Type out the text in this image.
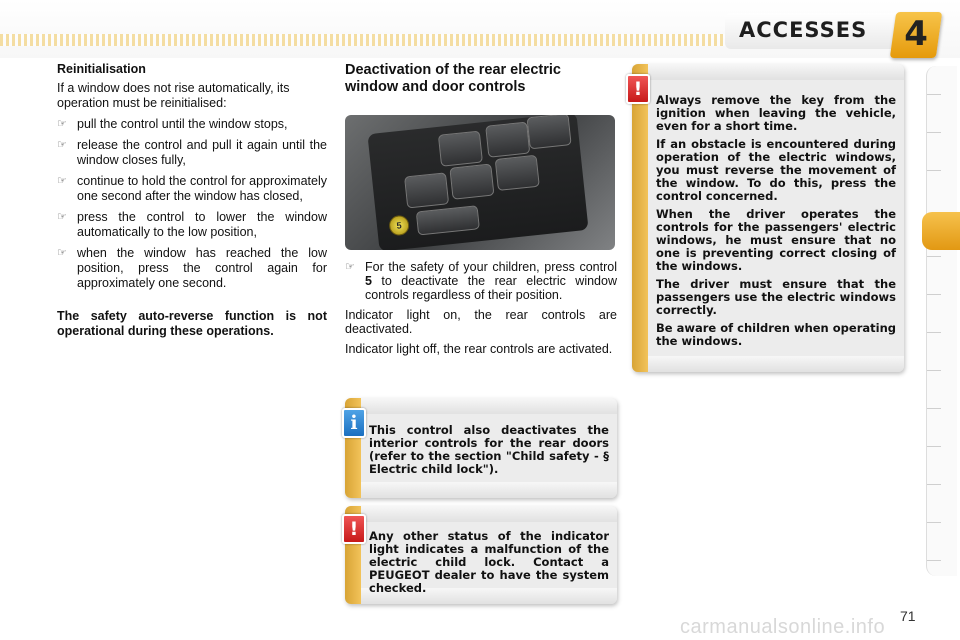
ACCESSES	4
Reinitialisation

If a window does not rise automatically, its operation must be reinitialised:

☞ pull the control until the window stops,
☞ release the control and pull it again until the window closes fully,
☞ continue to hold the control for approximately one second after the window has closed,
☞ press the control to lower the window automatically to the low position,
☞ when the window has reached the low position, press the control again for approximately one second.

The safety auto-reverse function is not operational during these operations.

Deactivation of the rear electric window and door controls
5
☞ For the safety of your children, press control 5 to deactivate the rear electric window controls regardless of their position.

Indicator light on, the rear controls are deactivated.

Indicator light off, the rear controls are activated.

Always remove the key from the ignition when leaving the vehicle, even for a short time.

If an obstacle is encountered during operation of the electric windows, you must reverse the movement of the window. To do this, press the control concerned.

When the driver operates the controls for the passengers' electric windows, he must ensure that no one is preventing correct closing of the windows.

The driver must ensure that the passengers use the electric windows correctly.

Be aware of children when operating the windows.

!

This control also deactivates the interior controls for the rear doors (refer to the section "Child safety - § Electric child lock").

i

Any other status of the indicator light indicates a malfunction of the electric child lock. Contact a PEUGEOT dealer to have the system checked.

!
71
carmanualsonline.info
